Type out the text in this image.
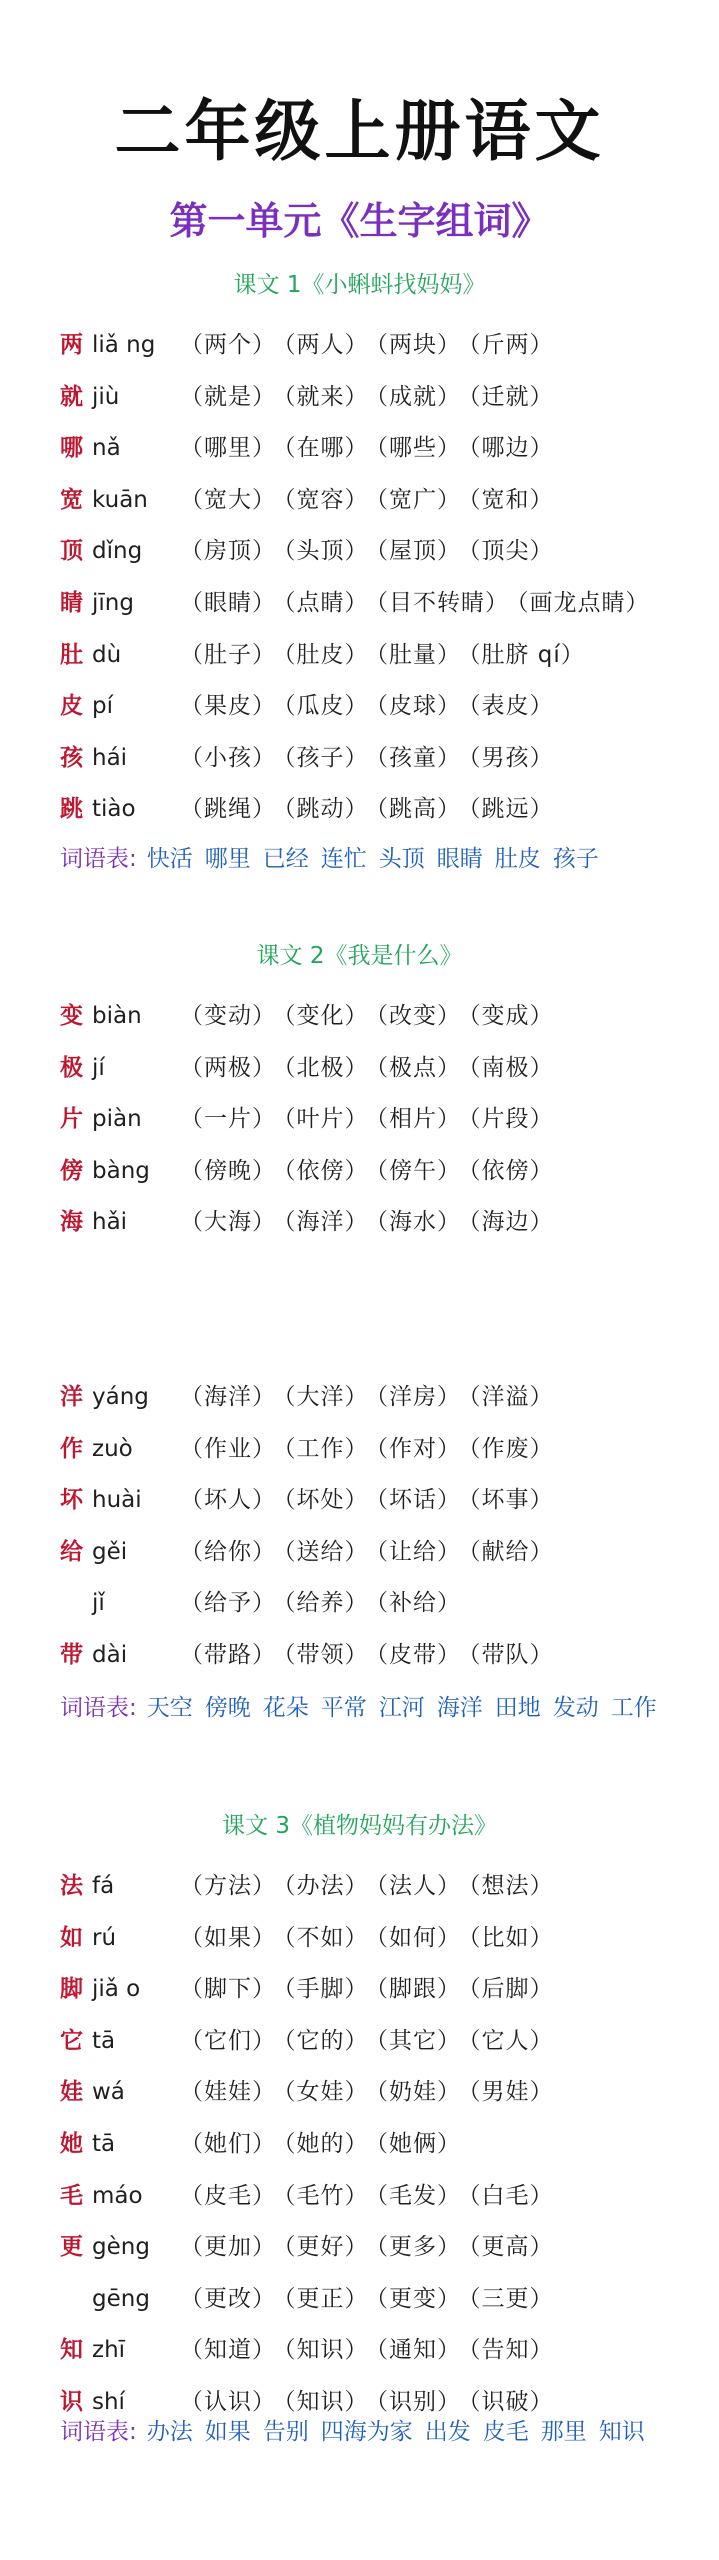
二年级上册语文
第一单元《生字组词》
课文 1《小蝌蚪找妈妈》
两 liǎ ng （两个） （两人） （两块） （斤两）
就 jiù	（就是） （就来） （成就） （迁就）
哪 nǎ	（哪里） （在哪） （哪些） （哪边）
宽 kuān （宽大） （宽容） （宽广） （宽和）
顶 dǐng （房顶） （头顶） （屋顶） （顶尖）
睛 jīng （眼睛） （点睛） （目不转睛） （画龙点睛）
肚 dù	（肚子） （肚皮） （肚量） （肚脐 qí）
皮 pí	（果皮） （瓜皮） （皮球） （表皮）
孩 hái （小孩） （孩子） （孩童） （男孩）
跳 tiào （跳绳） （跳动） （跳高） （跳远）
词语表: 快活 哪里 已经 连忙 头顶 眼睛 肚皮 孩子
课文 2《我是什么》
变 biàn （变动） （变化） （改变） （变成）
极 jí	（两极） （北极） （极点） （南极）
片 piàn （一片） （叶片） （相片） （片段）
傍 bàng （傍晚） （依傍） （傍午） （依傍）
海 hǎi （大海） （海洋） （海水） （海边）
洋 yáng （海洋） （大洋） （洋房） （洋溢）
作 zuò （作业） （工作） （作对） （作废）
坏 huài （坏人） （坏处） （坏话） （坏事）
给 gěi （给你） （送给） （让给） （献给）
jǐ	（给予） （给养） （补给）
带 dài （带路） （带领） （皮带） （带队）
词语表: 天空 傍晚 花朵 平常 江河 海洋 田地 发动 工作
课文 3《植物妈妈有办法》
法 fá	（方法） （办法） （法人） （想法）
如 rú	（如果） （不如） （如何） （比如）
脚 jiǎ o （脚下） （手脚） （脚跟） （后脚）
它 tā	（它们） （它的） （其它） （它人）
娃 wá （娃娃） （女娃） （奶娃） （男娃）
她 tā	（她们） （她的） （她俩）
毛 máo （皮毛） （毛竹） （毛发） （白毛）
更 gèng （更加） （更好） （更多） （更高）
gēng （更改） （更正） （更变） （三更）
知 zhī （知道） （知识） （通知） （告知）
识 shí （认识） （知识） （识别） （识破）
词语表: 办法 如果 告别 四海为家 出发 皮毛 那里 知识
